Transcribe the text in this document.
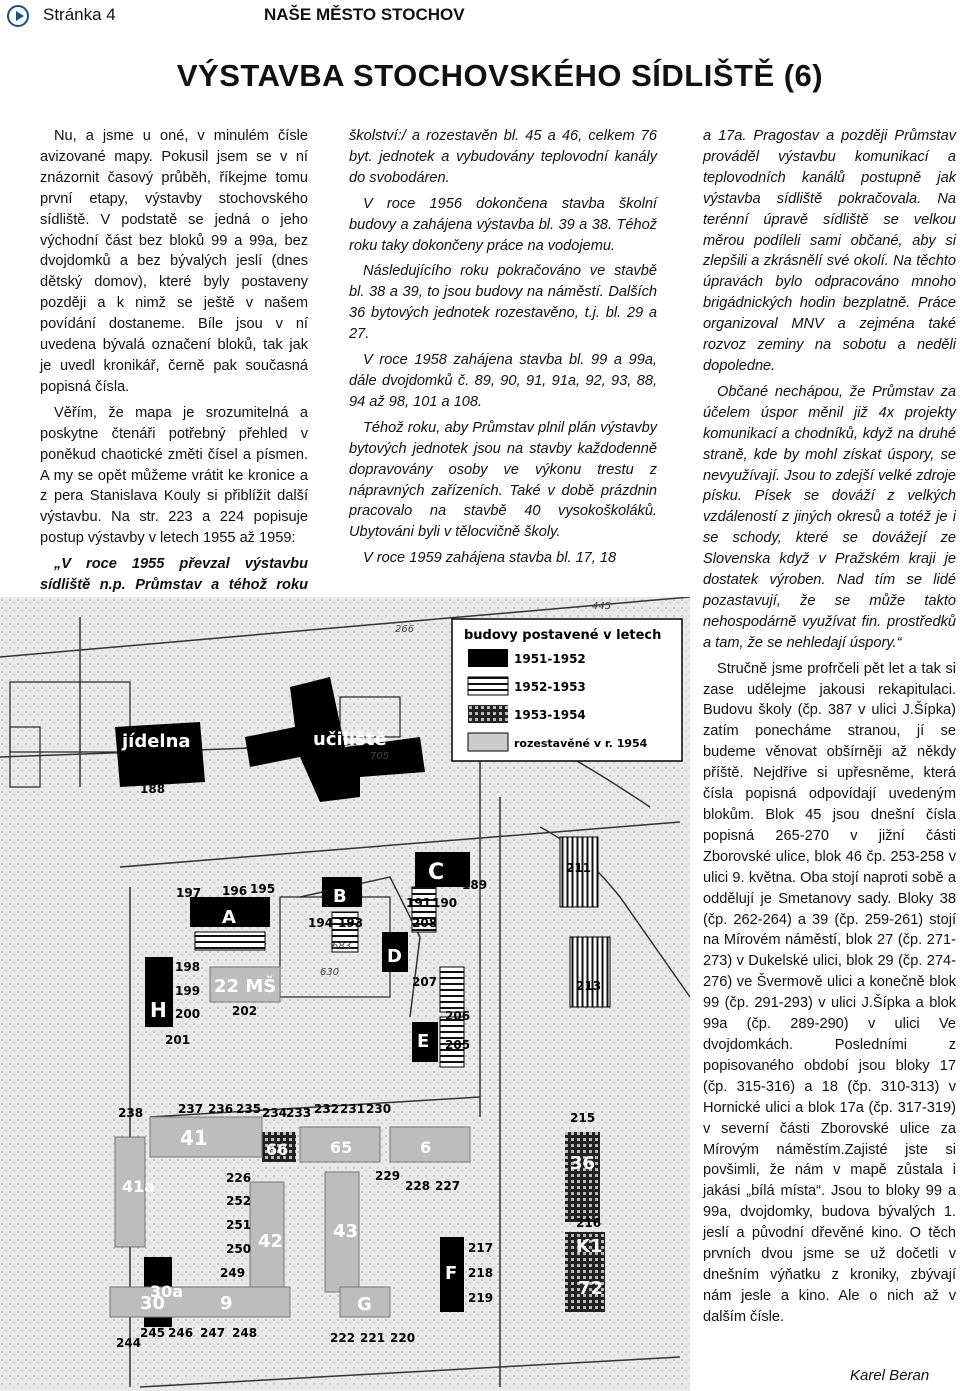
Stránka 4	NAŠE MĚSTO STOCHOV
VÝSTAVBA STOCHOVSKÉHO SÍDLIŠTĚ (6)

Nu, a jsme u oné, v minulém čísle avizované mapy. Pokusil jsem se v ní znázornit časový průběh, říkejme tomu první etapy, výstavby stochovského sídliště. V podstatě se jedná o jeho východní část bez bloků 99 a 99a, bez dvojdomků a bez bývalých jeslí (dnes dětský domov), které byly postaveny později a k nimž se ještě v našem povídání dostaneme. Bíle jsou v ní uvedena bývalá označení bloků, tak jak je uvedl kronikář, černě pak současná popisná čísla.

Věřím, že mapa je srozumitelná a poskytne čtenáři potřebný přehled v poněkud chaotické změti čísel a písmen. A my se opět můžeme vrátit ke kronice a z pera Stanislava Kouly si přiblížit další výstavbu. Na str. 223 a 224 popisuje postup výstavby v letech 1955 až 1959:

„V roce 1955 převzal výstavbu sídliště n.p. Průmstav a téhož roku

školství:/ a rozestavěn bl. 45 a 46, celkem 76 byt. jednotek a vybudovány teplovodní kanály do svobodáren.

V roce 1956 dokončena stavba školní budovy a zahájena výstavba bl. 39 a 38. Téhož roku taky dokončeny práce na vodojemu.

Následujícího roku pokračováno ve stavbě bl. 38 a 39, to jsou budovy na náměstí. Dalších 36 bytových jednotek rozestavěno, t.j. bl. 29 a 27.

V roce 1958 zahájena stavba bl. 99 a 99a, dále dvojdomků č. 89, 90, 91, 91a, 92, 93, 88, 94 až 98, 101 a 108.

Téhož roku, aby Průmstav plnil plán výstavby bytových jednotek jsou na stavby každodenně dopravovány osoby ve výkonu trestu z nápravných zařízeních. Také v době prázdnin pracovalo na stavbě 40 vysokoškoláků. Ubytováni byli v tělocvičně školy.

V roce 1959 zahájena stavba bl. 17, 18

a 17a. Pragostav a později Průmstav prováděl výstavbu komunikací a teplovodních kanálů postupně jak výstavba sídliště pokračovala. Na terénní úpravě sídliště se velkou měrou podíleli sami občané, aby si zlepšili a zkrásnělí své okolí. Na těchto úpravách bylo odpracováno mnoho brigádnických hodin bezplatně. Práce organizoval MNV a zejména také rozvoz zeminy na sobotu a neděli dopoledne.

Občané nechápou, že Průmstav za účelem úspor měnil již 4x projekty komunikací a chodníků, když na druhé straně, kde by mohl získat úspory, se nevyužívají. Jsou to zdejší velké zdroje písku. Písek se dováží z velkých vzdáleností z jiných okresů a totéž je i se schody, které se dovážejí ze Slovenska když v Pražském kraji je dostatek výroben. Nad tím se lidé pozastavují, že se může takto nehospodárně využívat fin. prostředků a tam, že se nehledají úspory.“

Stručně jsme profrčeli pět let a tak si zase udělejme jakousi rekapitulaci. Budovu školy (čp. 387 v ulici J.Šípka) zatím ponecháme stranou, jí se budeme věnovat obšírněji až někdy příště. Nejdříve si upřesněme, která čísla popisná odpovídají uvedeným blokům. Blok 45 jsou dnešní čísla popisná 265-270 v jižní části Zborovské ulice, blok 46 čp. 253-258 v ulici 9. května. Oba stojí naproti sobě a oddělují je Smetanovy sady. Bloky 38 (čp. 262-264) a 39 (čp. 259-261) stojí na Mírovém náměstí, blok 27 (čp. 271-273) v Dukelské ulici, blok 29 (čp. 274-276) ve Švermově ulici a konečně blok 99 (čp. 291-293) v ulici J.Šípka a blok 99a (čp. 289-290) v ulici Ve dvojdomkách. Posledními z popisovaného období jsou bloky 17 (čp. 315-316) a 18 (čp. 310-313) v Hornické ulici a blok 17a (čp. 317-319) v severní části Zborovské ulice za Mírovým náměstím.Zajisté jste si povšimli, že nám v mapě zůstala i jakási „bílá místa“. Jsou to bloky 99 a 99a, dvojdomky, budova bývalých 1. jeslí a původní dřevěné kino. O těch prvních dvou jsme se už dočetli v dnešním výňatku z kroniky, zbývají nám jesle a kino. Ale o nich až v dalším čísle.

Karel Beran
budovy postavené v letech
1951-1952
1952-1953
1953-1954
rozestavěné v r. 1954
jídelna	učiliště
A
B
C
D
E
F
H
22 MŠ
41
41a
30a
30	9
42	43
66	65	6
36
K1
72
G
188
187
197 196 195
193
194
189
190
191
198
199
200
201
202
208
207
206
205
211
213
215
216
217
218
219
238	237 236 235 234
233 232 231 230
229
228 227
226
252
251
250
249
245
244
246 247 248	222 221 220
266
630
683
705
445
